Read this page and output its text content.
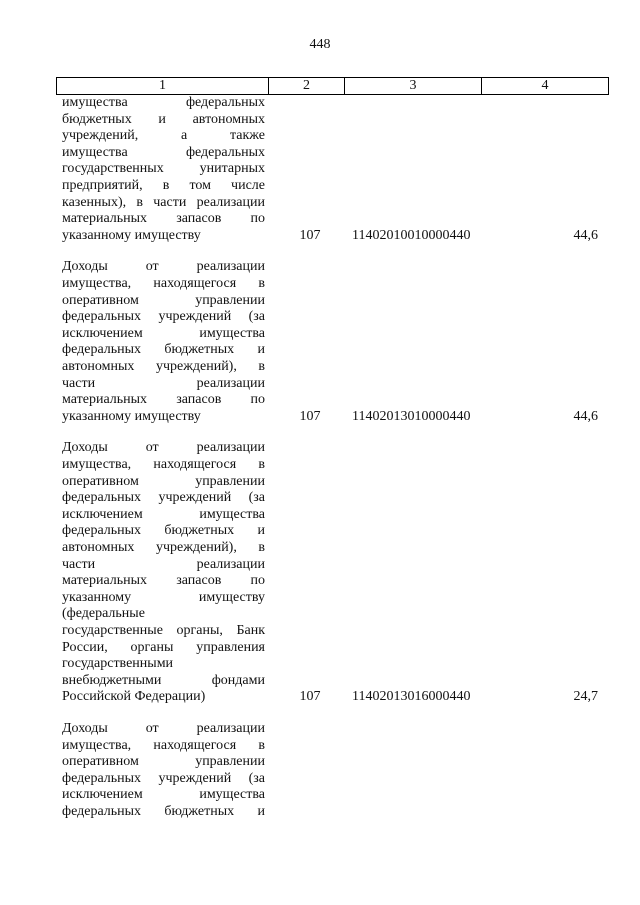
448
1	2	3	4
имущества федеральных
бюджетных и автономных
учреждений, а также
имущества федеральных
государственных унитарных
предприятий, в том числе
казенных), в части реализации
материальных запасов по
указанному имуществу	107	11402010010000440	44,6
Доходы от реализации
имущества, находящегося в
оперативном управлении
федеральных учреждений (за
исключением имущества
федеральных бюджетных и
автономных учреждений), в
части реализации
материальных запасов по
указанному имуществу	107	11402013010000440	44,6
Доходы от реализации
имущества, находящегося в
оперативном управлении
федеральных учреждений (за
исключением имущества
федеральных бюджетных и
автономных учреждений), в
части реализации
материальных запасов по
указанному имуществу
(федеральные
государственные органы, Банк
России, органы управления
государственными
внебюджетными фондами
Российской Федерации)	107	11402013016000440	24,7
Доходы от реализации
имущества, находящегося в
оперативном управлении
федеральных учреждений (за
исключением имущества
федеральных бюджетных и
